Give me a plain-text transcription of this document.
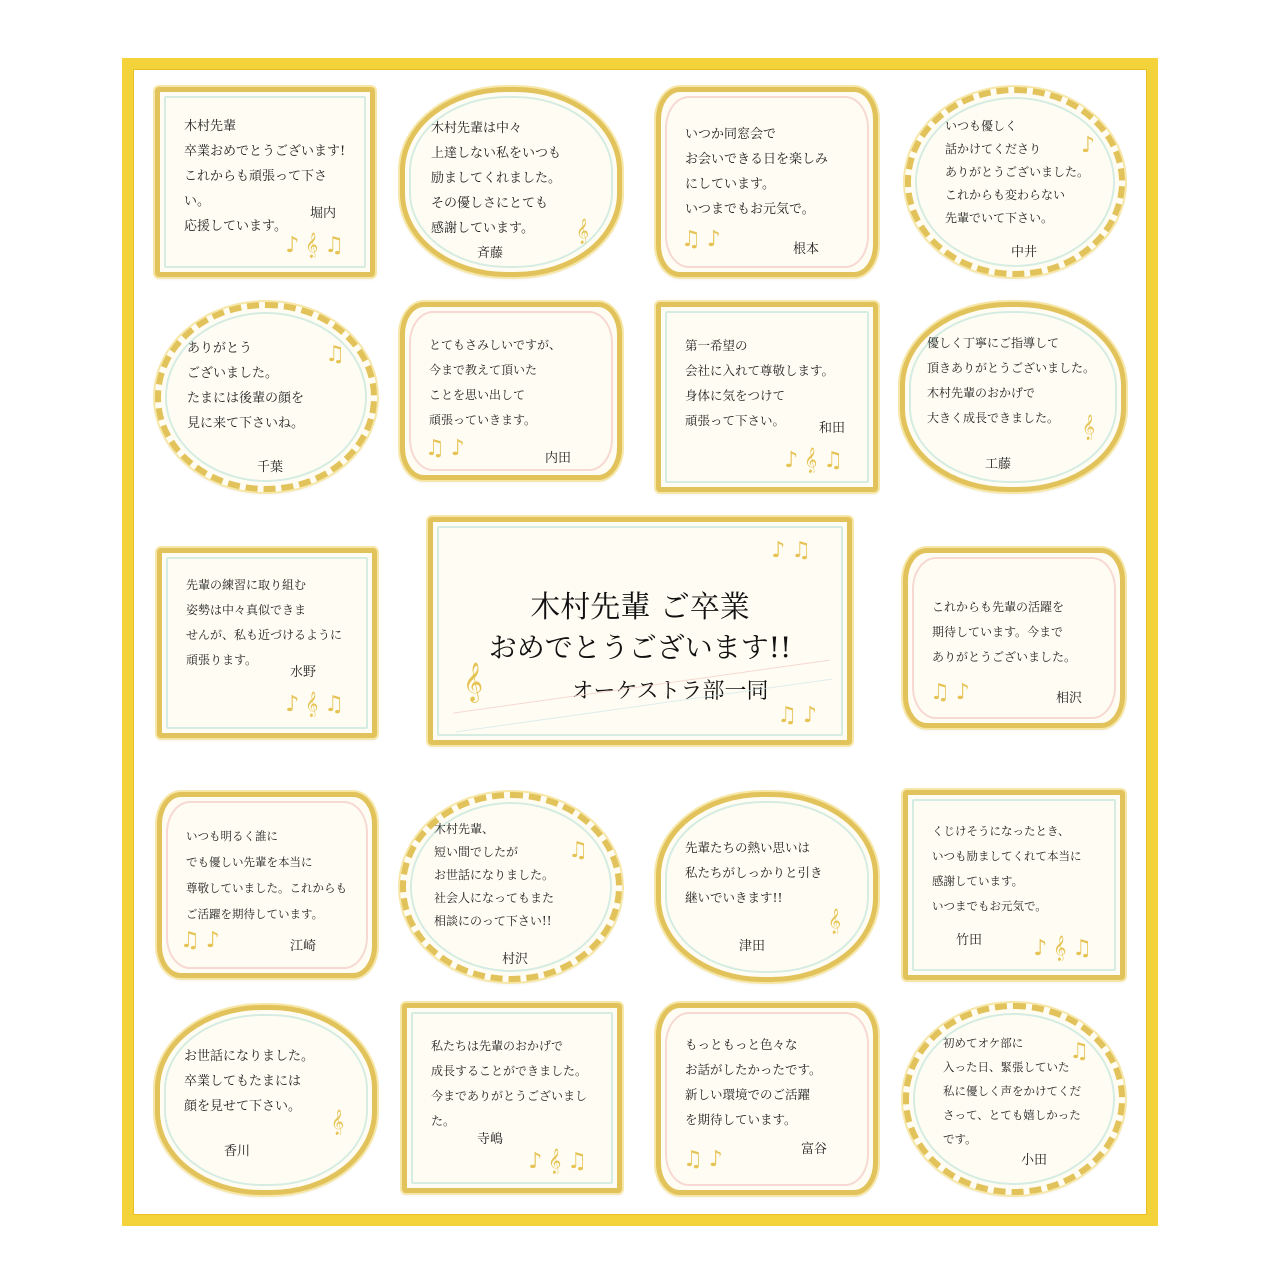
木村先輩
卒業おめでとうございます!
これからも頑張って下さい。
応援しています。
堀内
♪𝄞♫
木村先輩は中々
上達しない私をいつも
励ましてくれました。
その優しさにとても
感謝しています。
斉藤
𝄞
いつか同窓会で
お会いできる日を楽しみ
にしています。
いつまでもお元気で。
根本
♫♪
いつも優しく
話かけてくださり
ありがとうございました。
これからも変わらない
先輩でいて下さい。
中井
♪
ありがとう
ございました。
たまには後輩の顔を
見に来て下さいね。
千葉
♫	とてもさみしいですが、
今まで教えて頂いた
ことを思い出して
頑張っていきます。
内田
♫♪
第一希望の
会社に入れて尊敬します。
身体に気をつけて
頑張って下さい。
和田
♪𝄞♫
優しく丁寧にご指導して
頂きありがとうございました。
木村先輩のおかげで
大きく成長できました。
工藤
𝄞
先輩の練習に取り組む
姿勢は中々真似できま
せんが、私も近づけるように
頑張ります。
水野
♪𝄞♫
木村先輩 ご卒業
おめでとうございます!!
オーケストラ部一同
𝄞
♪♫
♫♪
これからも先輩の活躍を
期待しています。今まで
ありがとうございました。
相沢
♫♪
いつも明るく誰に
でも優しい先輩を本当に
尊敬していました。これからも
ご活躍を期待しています。
江崎
♫♪
木村先輩、
短い間でしたが
お世話になりました。
社会人になってもまた
相談にのって下さい!!
村沢
♫	先輩たちの熱い思いは
私たちがしっかりと引き
継いでいきます!!
津田
𝄞
くじけそうになったとき、
いつも励ましてくれて本当に
感謝しています。
いつまでもお元気で。
竹田 ♪𝄞♫
お世話になりました。
卒業してもたまには
顔を見せて下さい。
香川
𝄞
私たちは先輩のおかげで
成長することができました。
今までありがとうございました。
寺嶋
♪𝄞♫
もっともっと色々な
お話がしたかったです。
新しい環境でのご活躍
を期待しています。
富谷
♫♪
初めてオケ部に
入った日、緊張していた
私に優しく声をかけてくだ
さって、とても嬉しかった
です。
小田
♫
